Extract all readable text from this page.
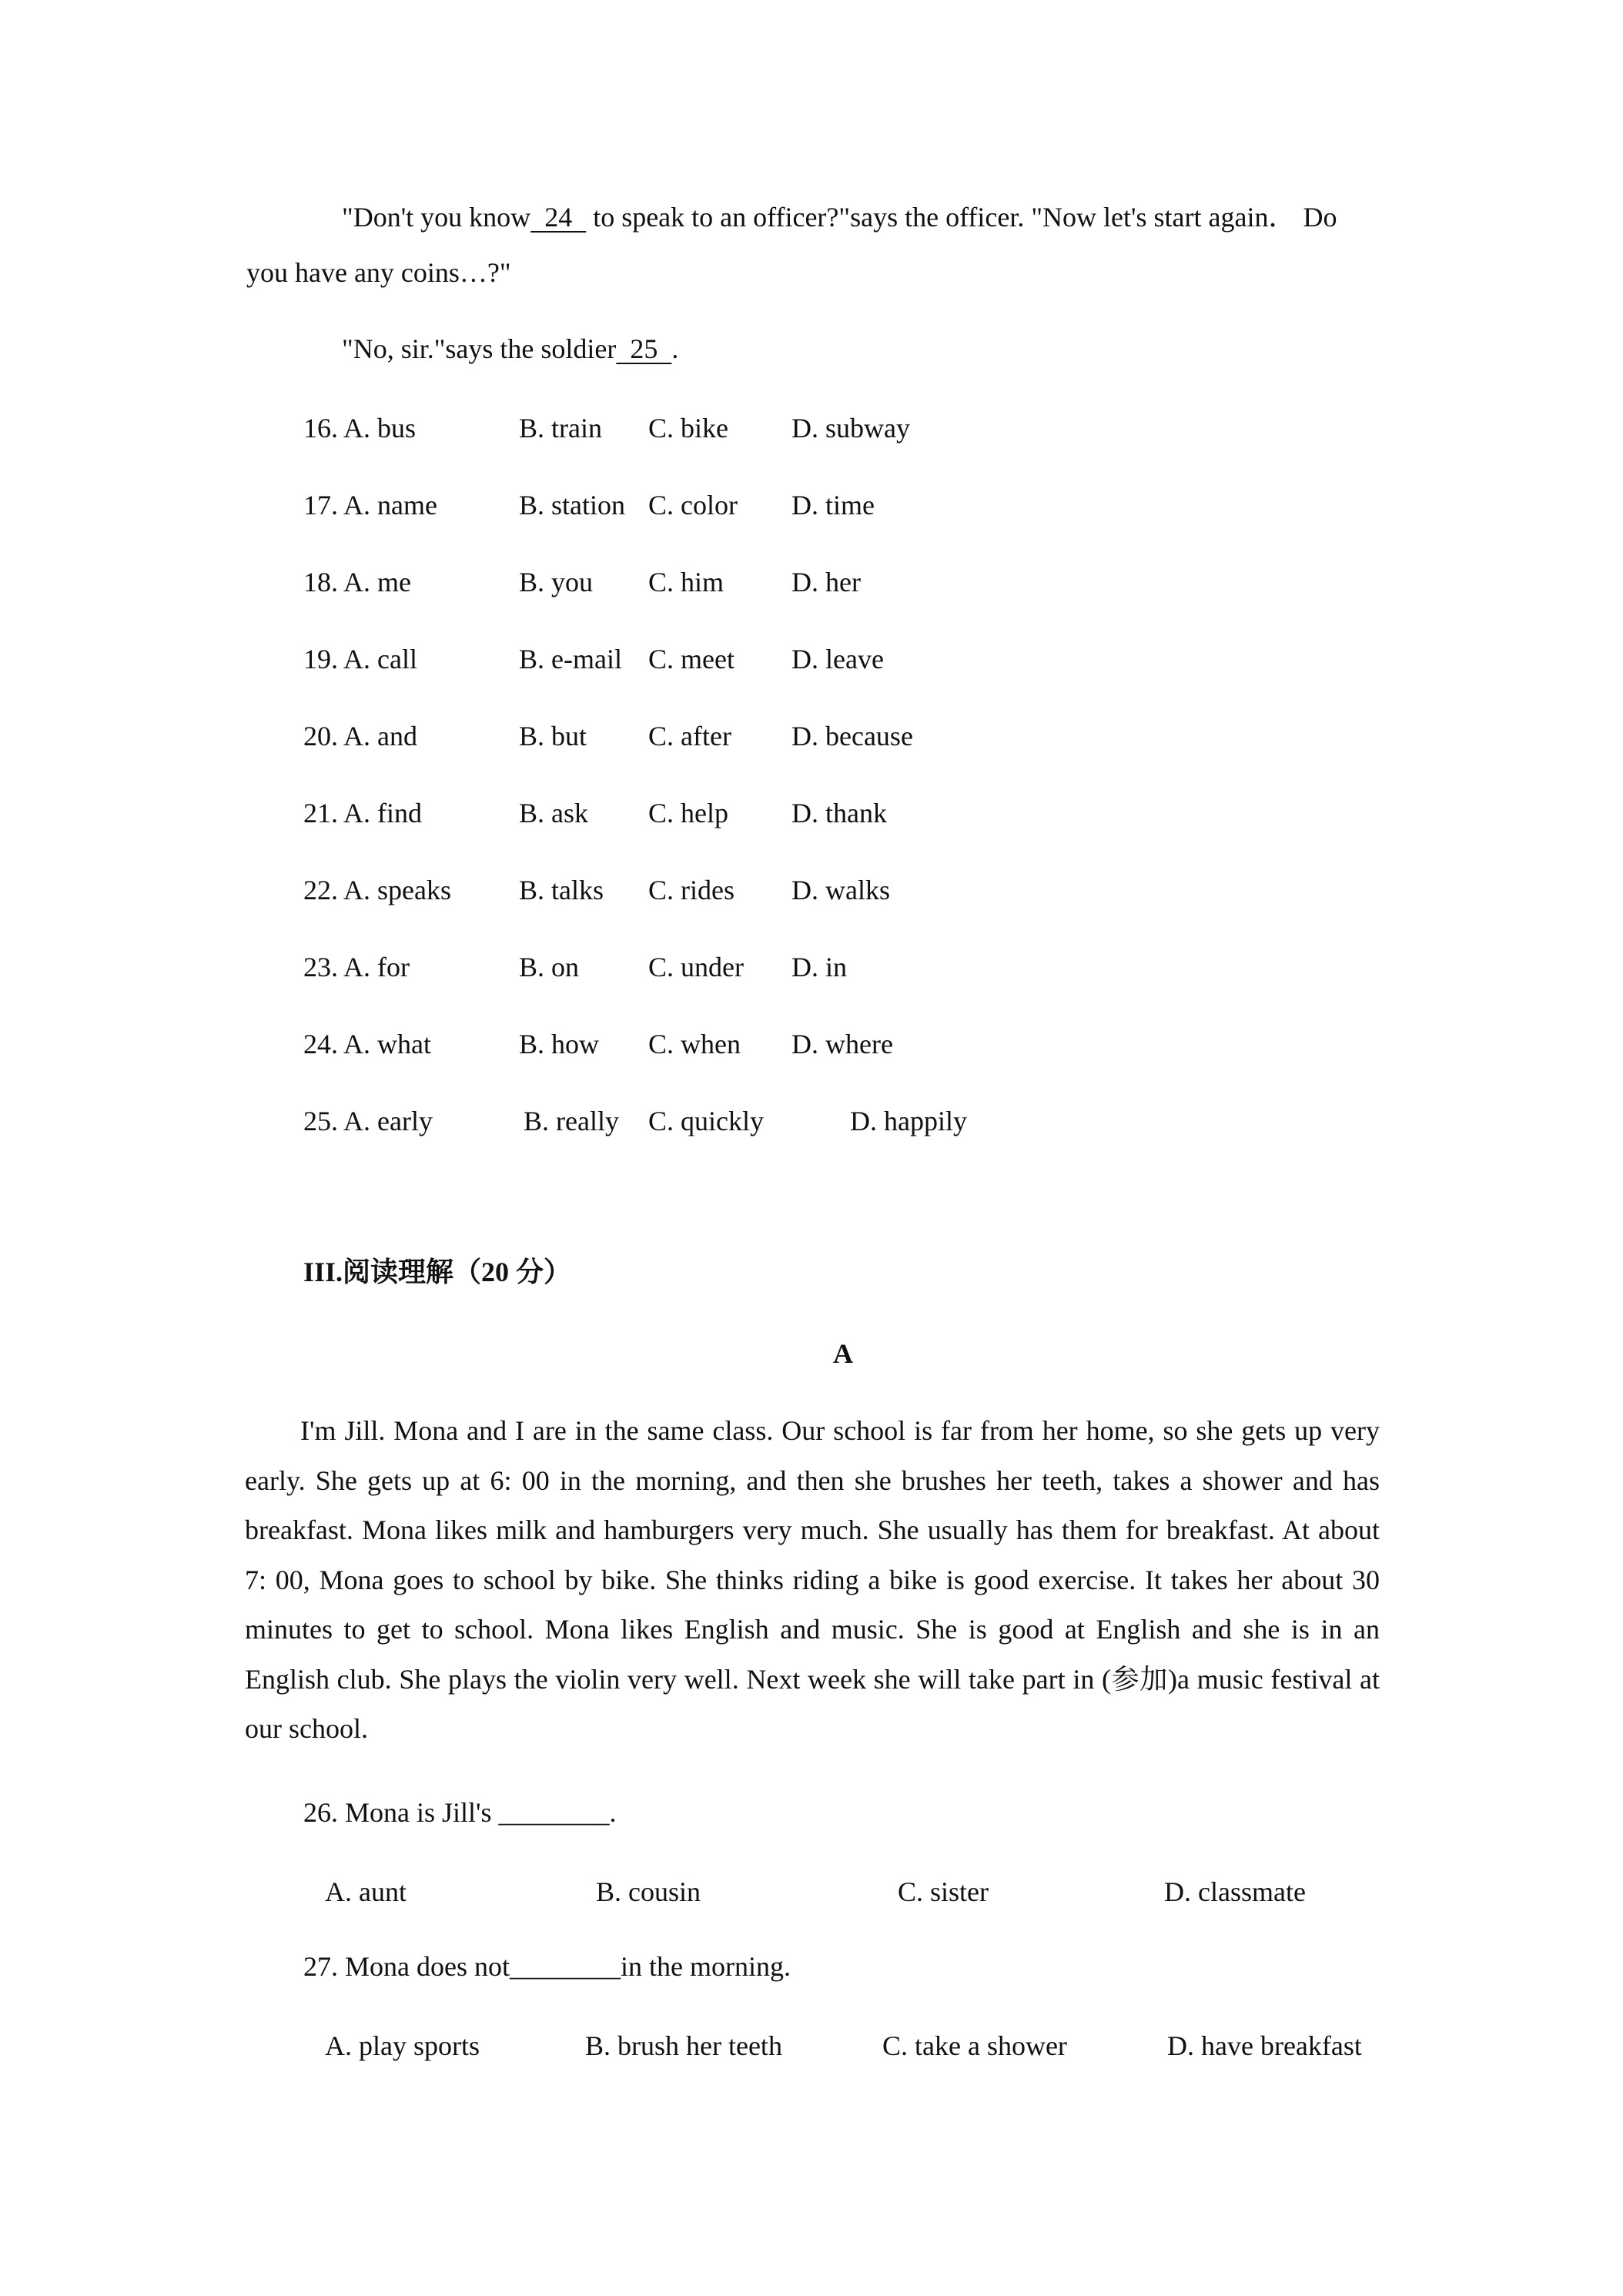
"Don't you know  24   to speak to an officer?"says the officer. "Now let's start again． Do
you have any coins…?"
"No, sir."says the soldier  25  .
16. A. bus	B. train C. bike D. subway
17. A. name	B. station C. color D. time
18. A. me	B. you C. him D. her
19. A. call	B. e-mail C. meet D. leave
20. A. and	B. but C. after D. because
21. A. find	B. ask C. help D. thank
22. A. speaks B. talks C. rides D. walks
23. A. for	B. on C. under D. in
24. A. what	B. how C. when D. where
25. A. early	B. really C. quickly	D. happily
III.阅读理解（20 分）
A

I'm Jill. Mona and I are in the same class. Our school is far from her home, so she gets up very early. She gets up at 6: 00 in the morning, and then she brushes her teeth, takes a shower and has breakfast. Mona likes milk and hamburgers very much. She usually has them for breakfast. At about 7: 00, Mona goes to school by bike. She thinks riding a bike is good exercise. It takes her about 30 minutes to get to school. Mona likes English and music. She is good at English and she is in an English club. She plays the violin very well. Next week she will take part in (参加)a music festival at our school.

26. Mona is Jill's ________.
A. aunt	B. cousin	C. sister	D. classmate
27. Mona does not________in the morning.
A. play sports	B. brush her teeth	C. take a shower	D. have breakfast
